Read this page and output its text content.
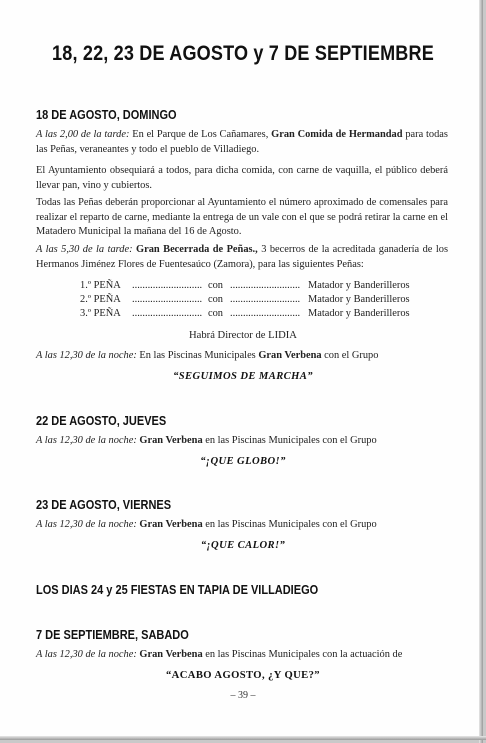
18, 22, 23 DE AGOSTO y 7 DE SEPTIEMBRE
18 DE AGOSTO, DOMINGO
A las 2,00 de la tarde: En el Parque de Los Cañamares, Gran Comida de Hermandad para todas las Peñas, veraneantes y todo el pueblo de Villadiego.
El Ayuntamiento obsequiará a todos, para dicha comida, con carne de vaquilla, el público deberá llevar pan, vino y cubiertos.
Todas las Peñas deberán proporcionar al Ayuntamiento el número aproximado de comensales para realizar el reparto de carne, mediante la entrega de un vale con el que se podrá retirar la carne en el Matadero Municipal la mañana del 16 de Agosto.
A las 5,30 de la tarde: Gran Becerrada de Peñas., 3 becerros de la acreditada ganadería de los Hermanos Jiménez Flores de Fuentesaúco (Zamora), para las siguientes Peñas:
1.º PEÑA ........................... con ........................... Matador y Banderilleros
2.º PEÑA ........................... con ........................... Matador y Banderilleros
3.º PEÑA ........................... con ........................... Matador y Banderilleros
Habrá Director de LIDIA
A las 12,30 de la noche: En las Piscinas Municipales Gran Verbena con el Grupo
“SEGUIMOS DE MARCHA”
22 DE AGOSTO, JUEVES
A las 12,30 de la noche: Gran Verbena en las Piscinas Municipales con el Grupo
“¡QUE GLOBO!”
23 DE AGOSTO, VIERNES
A las 12,30 de la noche: Gran Verbena en las Piscinas Municipales con el Grupo
“¡QUE CALOR!”
LOS DIAS 24 y 25 FIESTAS EN TAPIA DE VILLADIEGO
7 DE SEPTIEMBRE, SABADO
A las 12,30 de la noche: Gran Verbena en las Piscinas Municipales con la actuación de
“ACABO AGOSTO, ¿Y QUE?”
– 39 –
